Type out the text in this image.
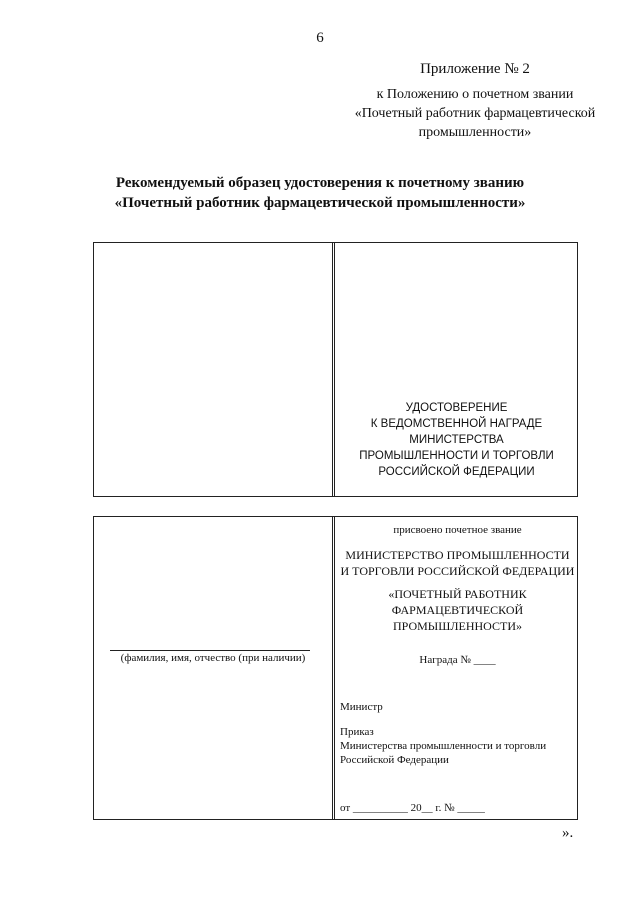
6
Приложение № 2
к Положению о почетном звании
«Почетный работник фармацевтической
промышленности»
Рекомендуемый образец удостоверения к почетному званию
«Почетный работник фармацевтической промышленности»
УДОСТОВЕРЕНИЕ
К ВЕДОМСТВЕННОЙ НАГРАДЕ
МИНИСТЕРСТВА
ПРОМЫШЛЕННОСТИ И ТОРГОВЛИ
РОССИЙСКОЙ ФЕДЕРАЦИИ
(фамилия, имя, отчество (при наличии)
присвоено почетное звание
МИНИСТЕРСТВО ПРОМЫШЛЕННОСТИ
И ТОРГОВЛИ РОССИЙСКОЙ ФЕДЕРАЦИИ
«ПОЧЕТНЫЙ РАБОТНИК
ФАРМАЦЕВТИЧЕСКОЙ
ПРОМЫШЛЕННОСТИ»
Награда № ____
Министр
Приказ
Министерства промышленности и торговли
Российской Федерации
от __________ 20__ г. № _____
».
